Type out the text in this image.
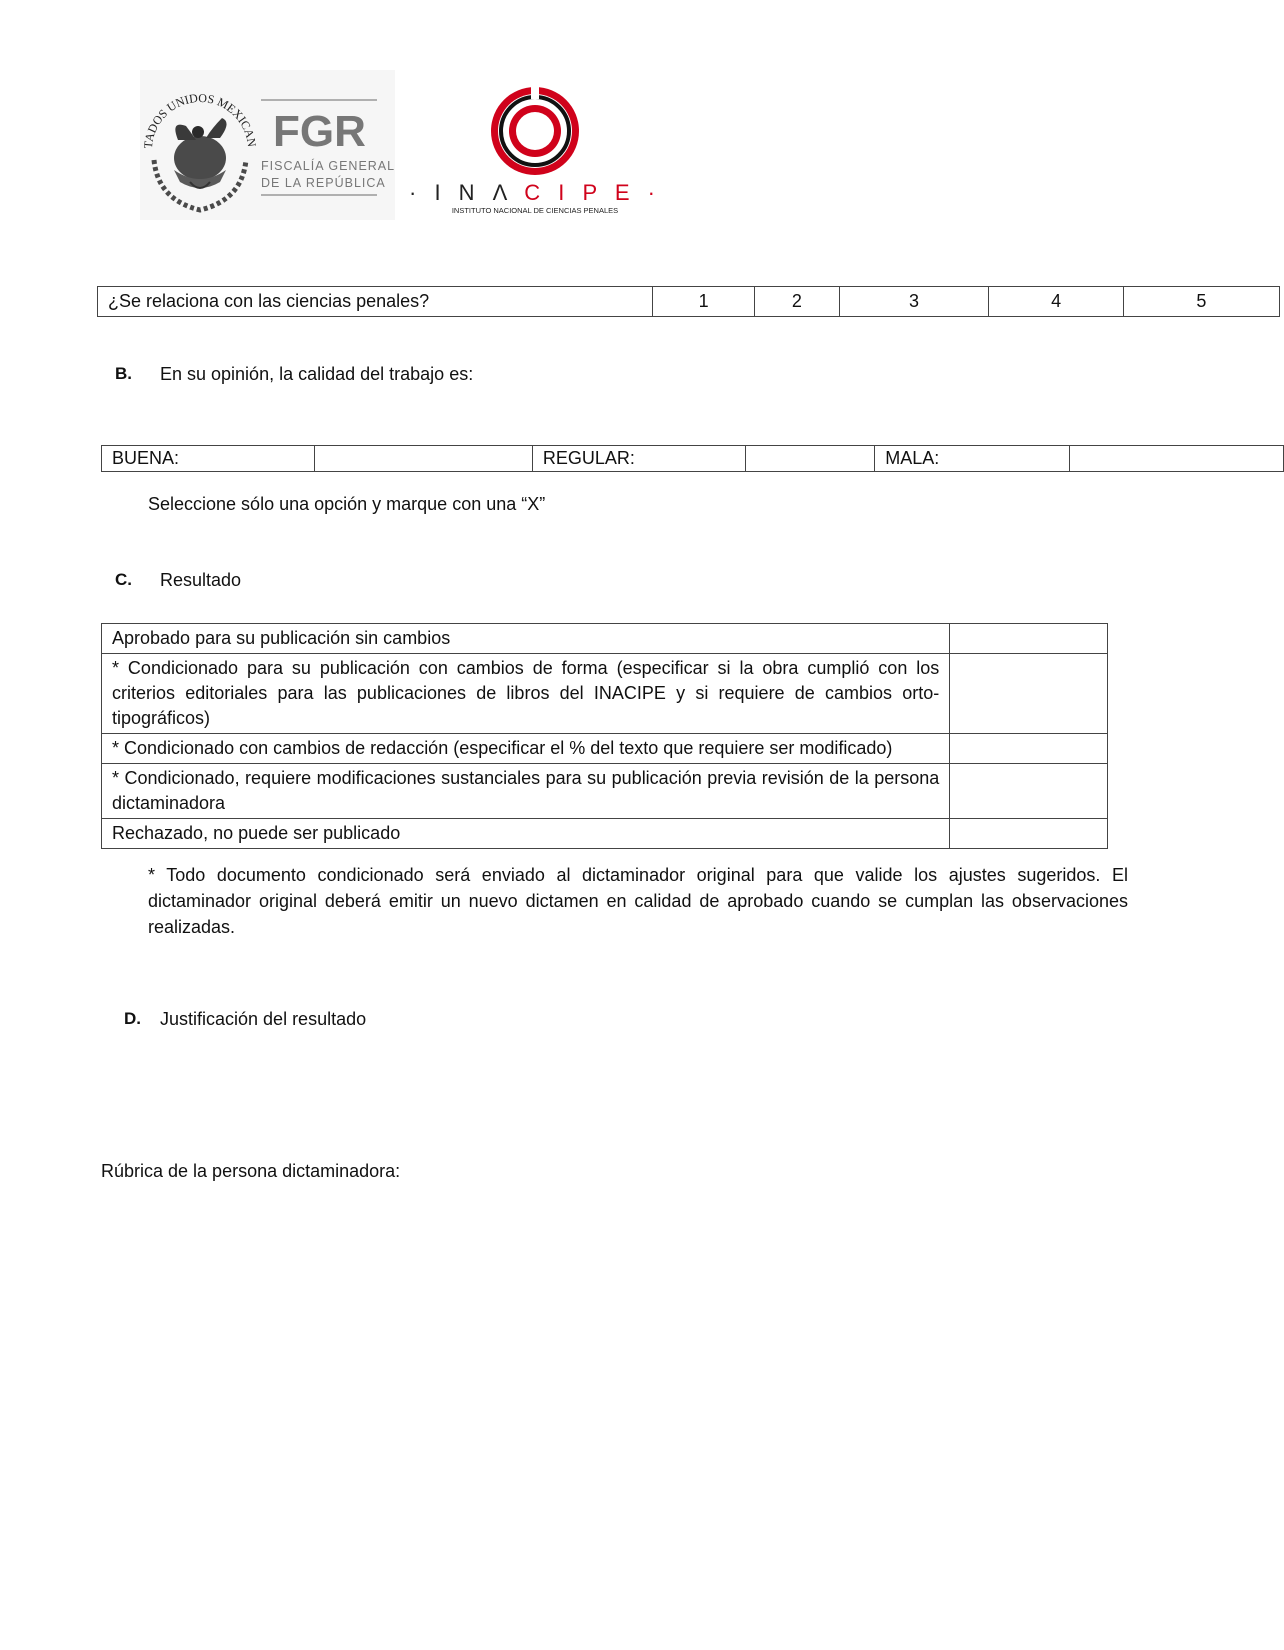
TADOS UNIDOS MEXICAN FGR
FISCALÍA GENERAL
DE LA REPÚBLICA · I N Λ C I P E ·
INSTITUTO NACIONAL DE CIENCIAS PENALES
¿Se relaciona con las ciencias penales?	1	2	3	4	5
B. En su opinión, la calidad del trabajo es:
BUENA:		REGULAR:		MALA:	
Seleccione sólo una opción y marque con una “X”
C. Resultado
Aprobado para su publicación sin cambios	
* Condicionado para su publicación con cambios de forma (especificar si la obra cumplió con los criterios editoriales para las publicaciones de libros del INACIPE y si requiere de cambios orto-tipográficos)	
* Condicionado con cambios de redacción (especificar el % del texto que requiere ser modificado)	
* Condicionado, requiere modificaciones sustanciales para su publicación previa revisión de la persona dictaminadora	
Rechazado, no puede ser publicado	
* Todo documento condicionado será enviado al dictaminador original para que valide los ajustes sugeridos. El dictaminador original deberá emitir un nuevo dictamen en calidad de aprobado cuando se cumplan las observaciones realizadas.
D. Justificación del resultado
Rúbrica de la persona dictaminadora:
